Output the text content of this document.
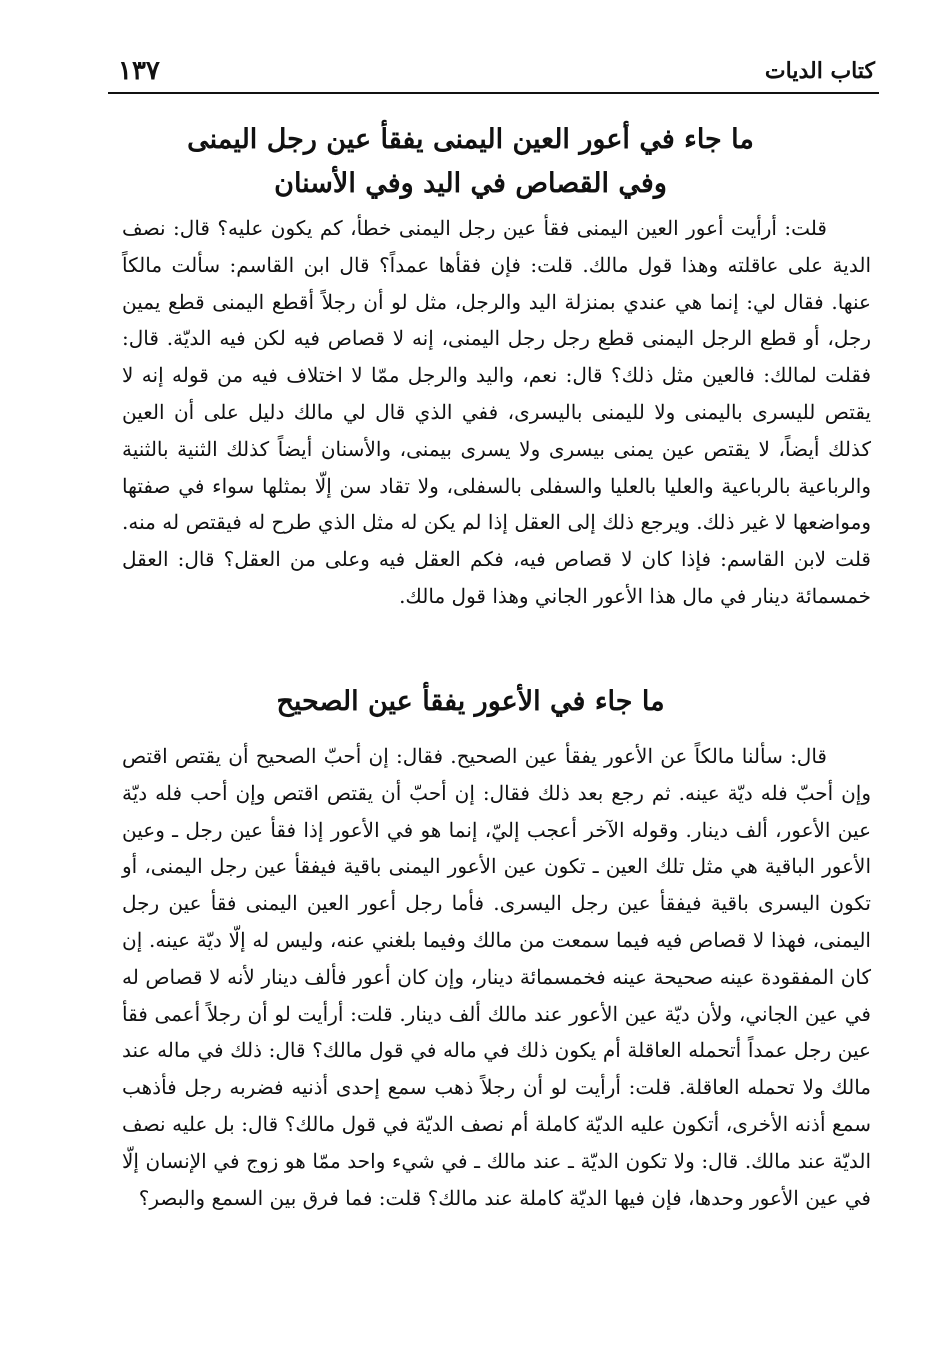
كتاب الديات
١٣٧
ما جاء في أعور العين اليمنى يفقأ عين رجل اليمنى
وفي القصاص في اليد وفي الأسنان

قلت: أرأيت أعور العين اليمنى فقأ عين رجل اليمنى خطأ، كم يكون عليه؟ قال: نصف الدية على عاقلته وهذا قول مالك. قلت: فإن فقأها عمداً؟ قال ابن القاسم: سألت مالكاً عنها. فقال لي: إنما هي عندي بمنزلة اليد والرجل، مثل لو أن رجلاً أقطع اليمنى قطع يمين رجل، أو قطع الرجل اليمنى قطع رجل رجل اليمنى، إنه لا قصاص فيه لكن فيه الديّة. قال: فقلت لمالك: فالعين مثل ذلك؟ قال: نعم، واليد والرجل ممّا لا اختلاف فيه من قوله إنه لا يقتص لليسرى باليمنى ولا لليمنى باليسرى، ففي الذي قال لي مالك دليل على أن العين كذلك أيضاً، لا يقتص عين يمنى بيسرى ولا يسرى بيمنى، والأسنان أيضاً كذلك الثنية بالثنية والرباعية بالرباعية والعليا بالعليا والسفلى بالسفلى، ولا تقاد سن إلّا بمثلها سواء في صفتها ومواضعها لا غير ذلك. ويرجع ذلك إلى العقل إذا لم يكن له مثل الذي طرح له فيقتص له منه. قلت لابن القاسم: فإذا كان لا قصاص فيه، فكم العقل فيه وعلى من العقل؟ قال: العقل خمسمائة دينار في مال هذا الأعور الجاني وهذا قول مالك.

ما جاء في الأعور يفقأ عين الصحيح

قال: سألنا مالكاً عن الأعور يفقأ عين الصحيح. فقال: إن أحبّ الصحيح أن يقتص اقتص وإن أحبّ فله ديّة عينه. ثم رجع بعد ذلك فقال: إن أحبّ أن يقتص اقتص وإن أحب فله ديّة عين الأعور، ألف دينار. وقوله الآخر أعجب إليّ، إنما هو في الأعور إذا فقأ عين رجل ـ وعين الأعور الباقية هي مثل تلك العين ـ تكون عين الأعور اليمنى باقية فيفقأ عين رجل اليمنى، أو تكون اليسرى باقية فيفقأ عين رجل اليسرى. فأما رجل أعور العين اليمنى فقأ عين رجل اليمنى، فهذا لا قصاص فيه فيما سمعت من مالك وفيما بلغني عنه، وليس له إلّا ديّة عينه. إن كان المفقودة عينه صحيحة عينه فخمسمائة دينار، وإن كان أعور فألف دينار لأنه لا قصاص له في عين الجاني، ولأن ديّة عين الأعور عند مالك ألف دينار. قلت: أرأيت لو أن رجلاً أعمى فقأ عين رجل عمداً أتحمله العاقلة أم يكون ذلك في ماله في قول مالك؟ قال: ذلك في ماله عند مالك ولا تحمله العاقلة. قلت: أرأيت لو أن رجلاً ذهب سمع إحدى أذنيه فضربه رجل فأذهب سمع أذنه الأخرى، أتكون عليه الديّة كاملة أم نصف الديّة في قول مالك؟ قال: بل عليه نصف الديّة عند مالك. قال: ولا تكون الديّة ـ عند مالك ـ في شيء واحد ممّا هو زوج في الإنسان إلّا في عين الأعور وحدها، فإن فيها الديّة كاملة عند مالك؟ قلت: فما فرق بين السمع والبصر؟
